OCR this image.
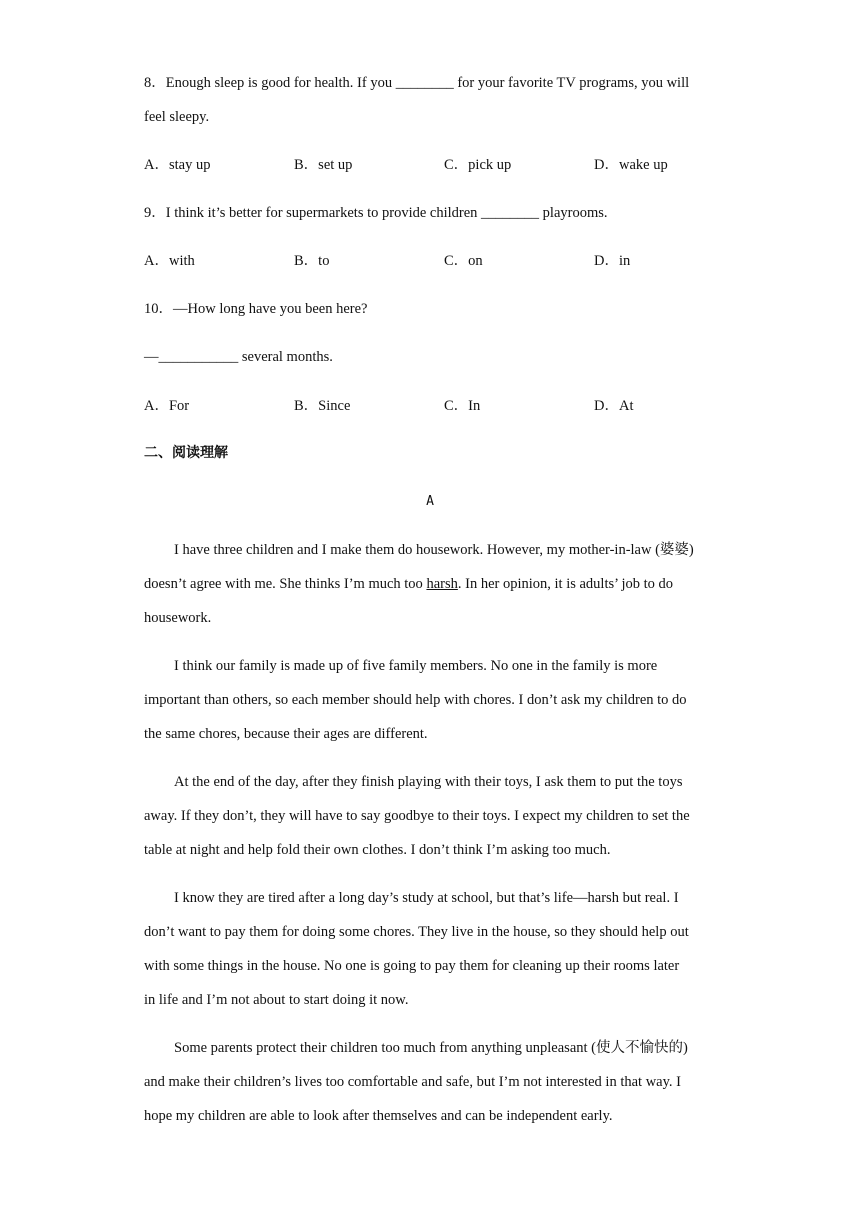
8．Enough sleep is good for health. If you ________ for your favorite TV programs, you will
feel sleepy.
A．stay up	B．set up	C．pick up	D．wake up
9．I think it’s better for supermarkets to provide children ________ playrooms.
A．with	B．to	C．on	D．in
10．—How long have you been here?
—___________ several months.
A．For	B．Since	C．In	D．At
二、阅读理解
A
I have three children and I make them do housework. However, my mother-in-law (婆婆)
doesn’t agree with me. She thinks I’m much too harsh. In her opinion, it is adults’ job to do
housework.
I think our family is made up of five family members. No one in the family is more
important than others, so each member should help with chores. I don’t ask my children to do
the same chores, because their ages are different.
At the end of the day, after they finish playing with their toys, I ask them to put the toys
away. If they don’t, they will have to say goodbye to their toys. I expect my children to set the
table at night and help fold their own clothes. I don’t think I’m asking too much.
I know they are tired after a long day’s study at school, but that’s life—harsh but real. I
don’t want to pay them for doing some chores. They live in the house, so they should help out
with some things in the house. No one is going to pay them for cleaning up their rooms later
in life and I’m not about to start doing it now.
Some parents protect their children too much from anything unpleasant (使人不愉快的)
and make their children’s lives too comfortable and safe, but I’m not interested in that way. I
hope my children are able to look after themselves and can be independent early.
